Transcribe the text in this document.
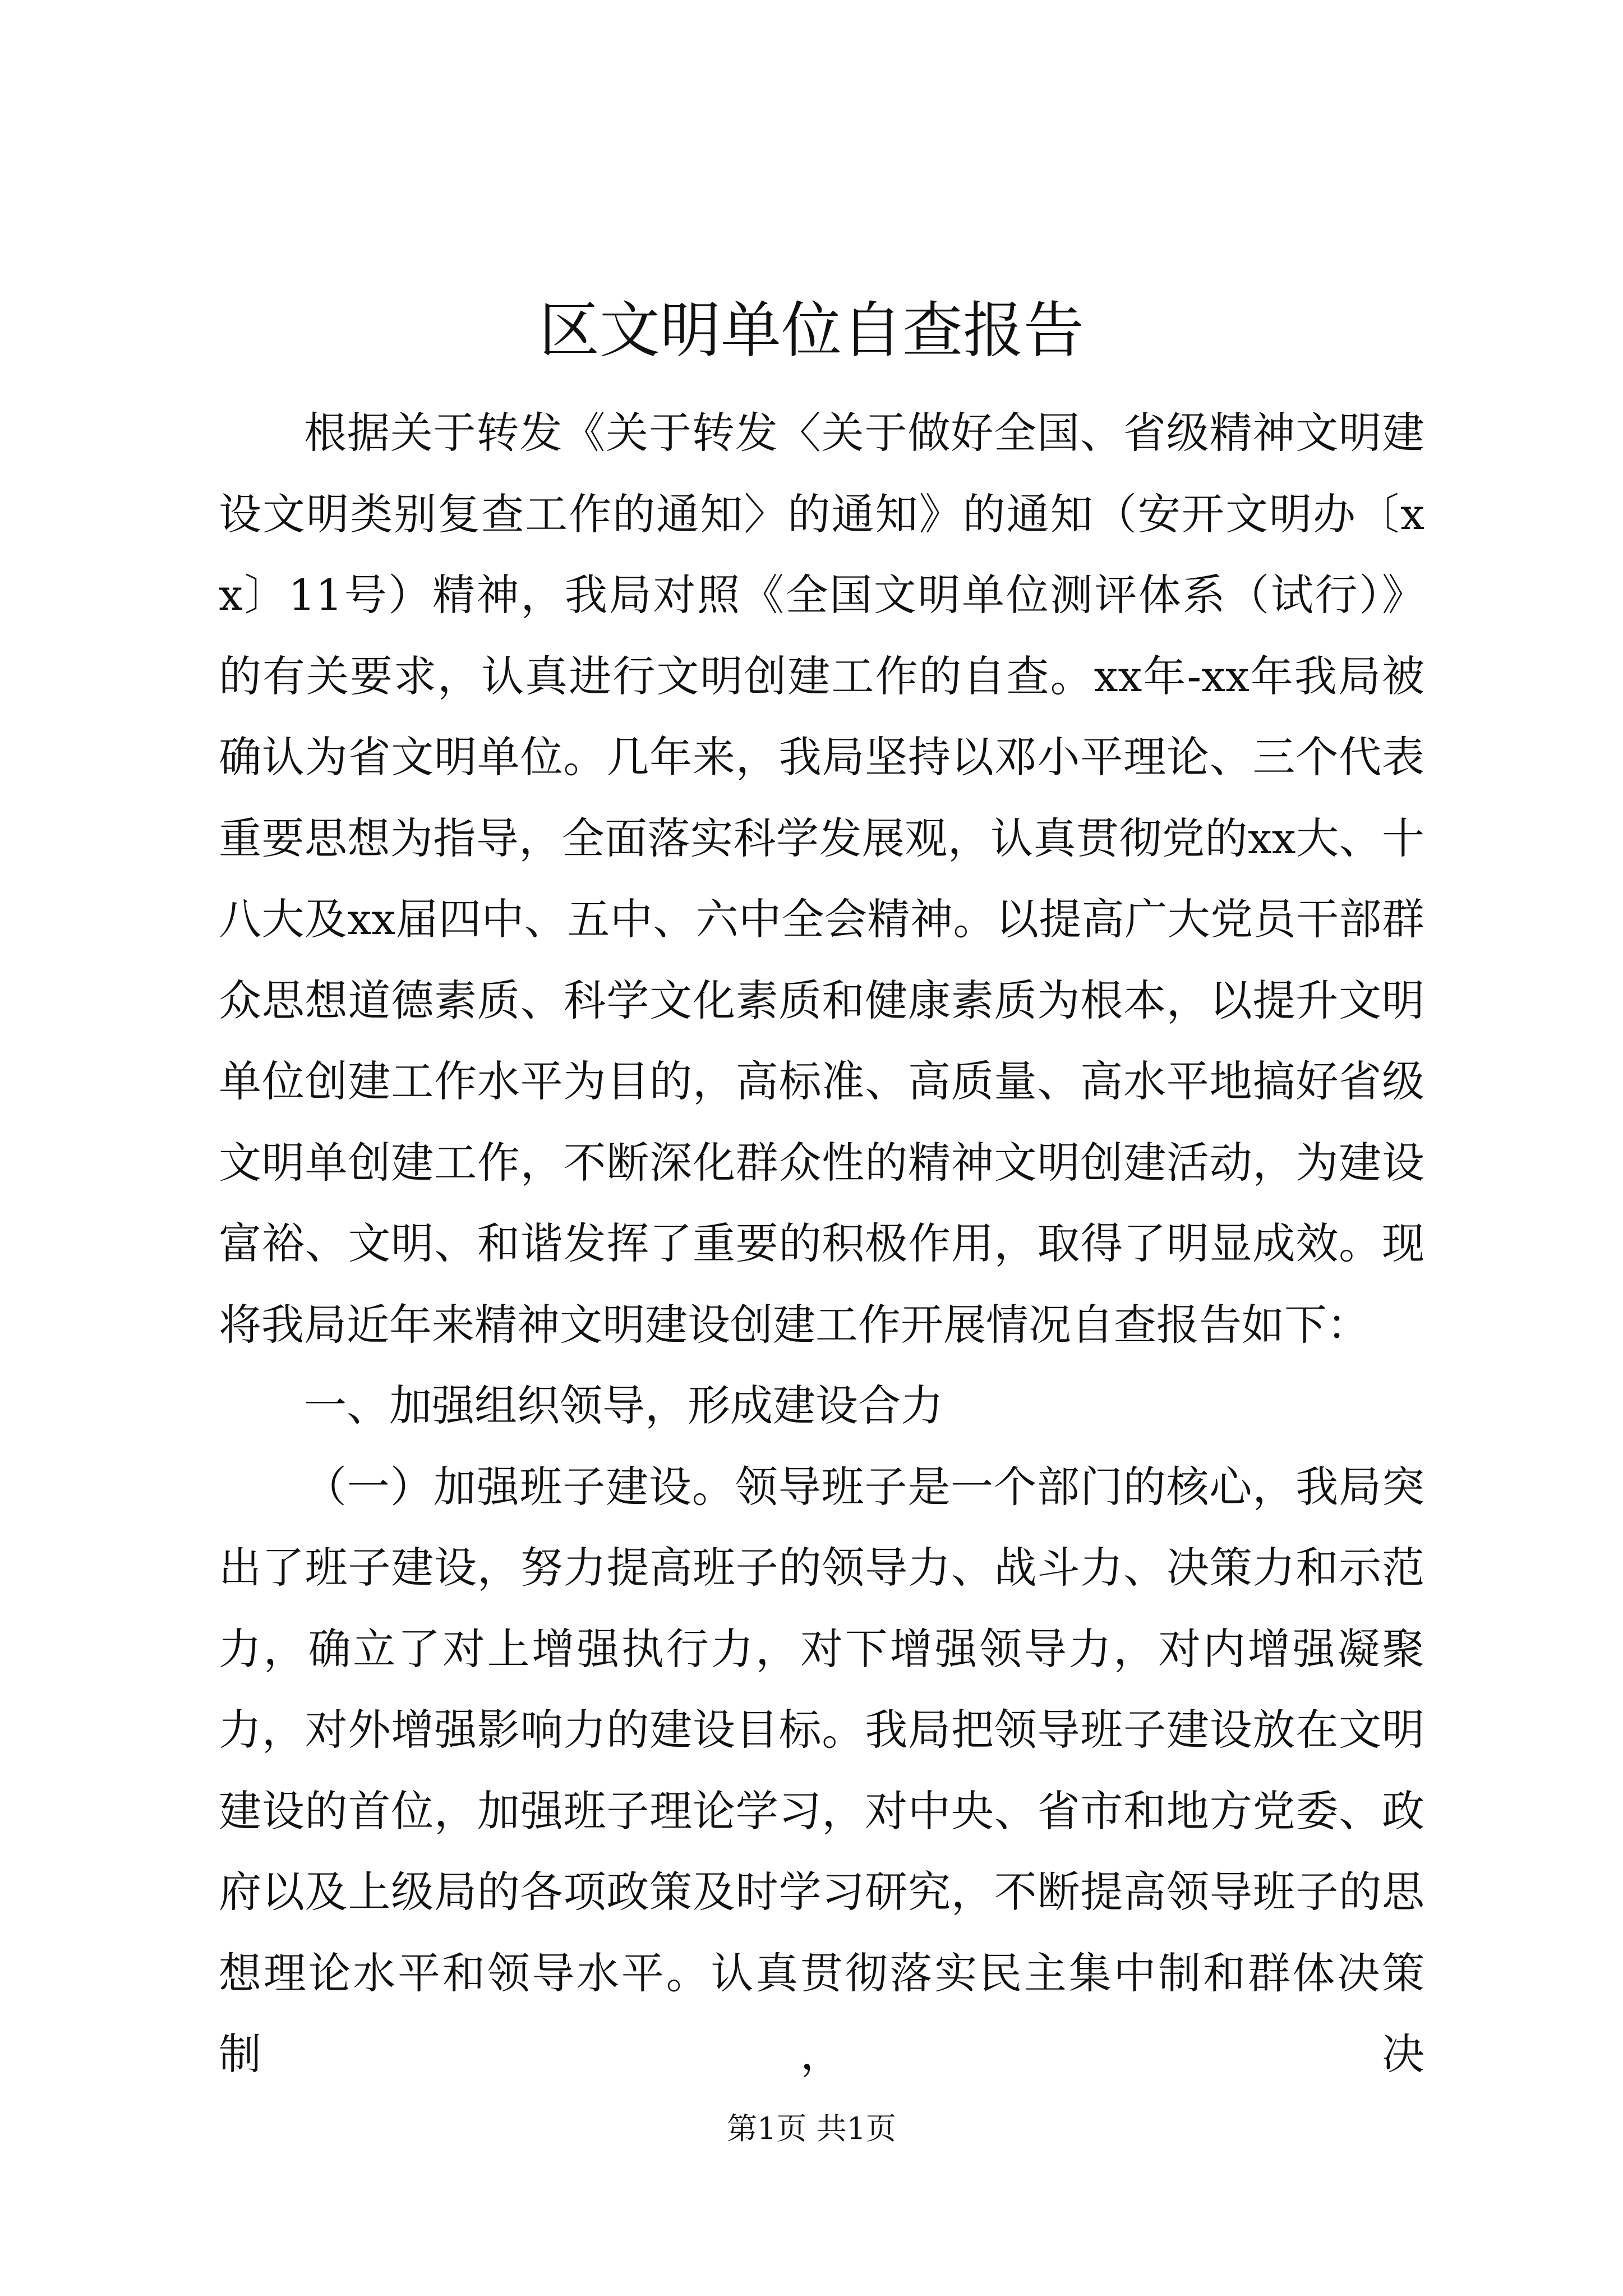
区文明单位自查报告

根据关于转发《关于转发〈关于做好全国、省级精神文明建设文明类别复查工作的通知〉的通知》的通知（安开文明办〔xx〕11号）精神，我局对照《全国文明单位测评体系（试行）》的有关要求，认真进行文明创建工作的自查。xx年-xx年我局被确认为省文明单位。几年来，我局坚持以邓小平理论、三个代表重要思想为指导，全面落实科学发展观，认真贯彻党的xx大、十八大及xx届四中、五中、六中全会精神。以提高广大党员干部群众思想道德素质、科学文化素质和健康素质为根本，以提升文明单位创建工作水平为目的，高标准、高质量、高水平地搞好省级文明单创建工作，不断深化群众性的精神文明创建活动，为建设富裕、文明、和谐发挥了重要的积极作用，取得了明显成效。现将我局近年来精神文明建设创建工作开展情况自查报告如下：

一、加强组织领导，形成建设合力

（一）加强班子建设。领导班子是一个部门的核心，我局突出了班子建设，努力提高班子的领导力、战斗力、决策力和示范力，确立了对上增强执行力，对下增强领导力，对内增强凝聚力，对外增强影响力的建设目标。我局把领导班子建设放在文明建设的首位，加强班子理论学习，对中央、省市和地方党委、政府以及上级局的各项政策及时学习研究，不断提高领导班子的思想理论水平和领导水平。认真贯彻落实民主集中制和群体决策制，决

第1页 共1页
